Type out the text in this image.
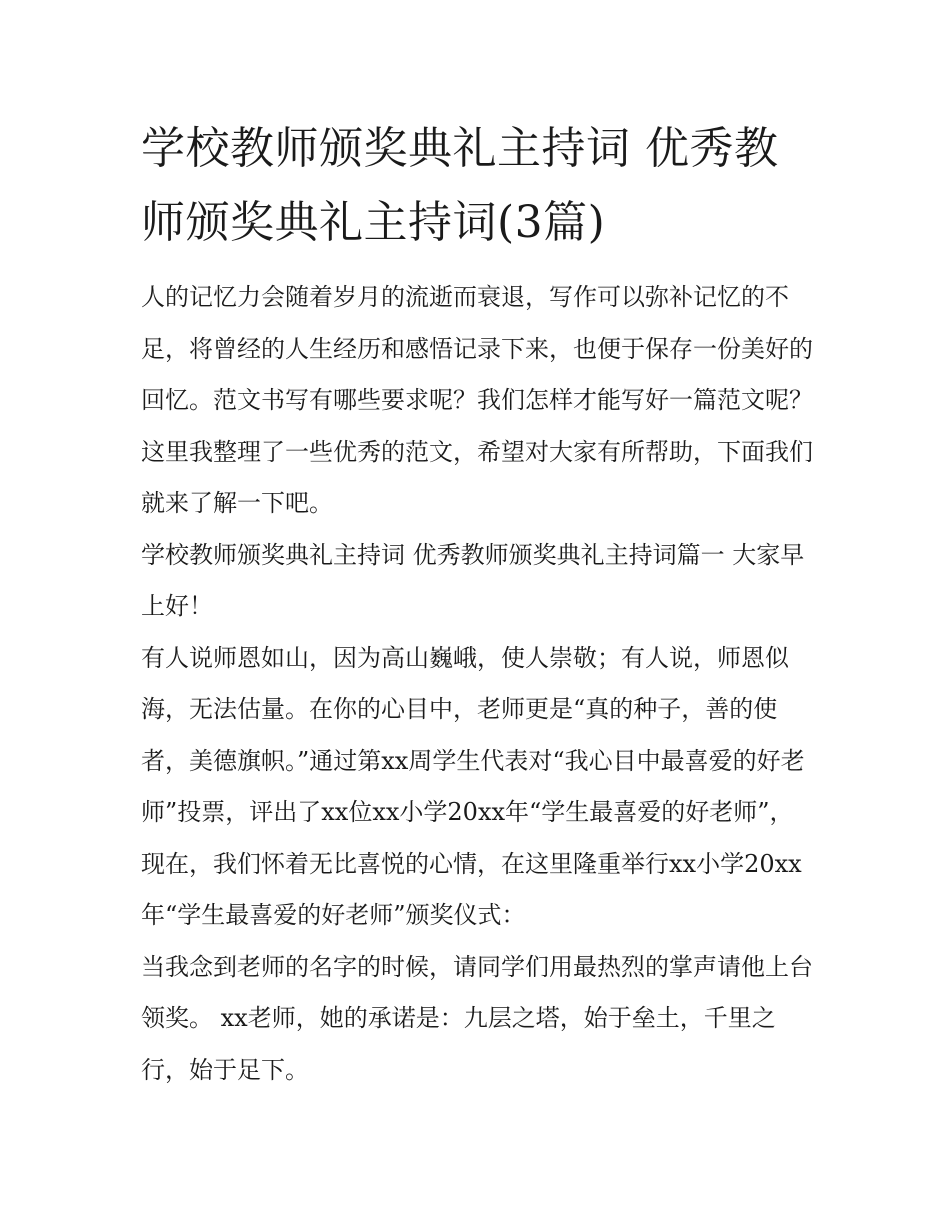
学校教师颁奖典礼主持词 优秀教师颁奖典礼主持词(3篇)

人的记忆力会随着岁月的流逝而衰退，写作可以弥补记忆的不足，将曾经的人生经历和感悟记录下来，也便于保存一份美好的回忆。范文书写有哪些要求呢？我们怎样才能写好一篇范文呢？这里我整理了一些优秀的范文，希望对大家有所帮助，下面我们就来了解一下吧。

学校教师颁奖典礼主持词 优秀教师颁奖典礼主持词篇一 大家早上好！

有人说师恩如山，因为高山巍峨，使人崇敬；有人说，师恩似海，无法估量。在你的心目中，老师更是“真的种子，善的使者，美德旗帜。”通过第xx周学生代表对“我心目中最喜爱的好老师”投票，评出了xx位xx小学20xx年“学生最喜爱的好老师”，现在，我们怀着无比喜悦的心情，在这里隆重举行xx小学20xx年“学生最喜爱的好老师”颁奖仪式：

当我念到老师的名字的时候，请同学们用最热烈的掌声请他上台领奖。 xx老师，她的承诺是：九层之塔，始于垒土，千里之行，始于足下。
